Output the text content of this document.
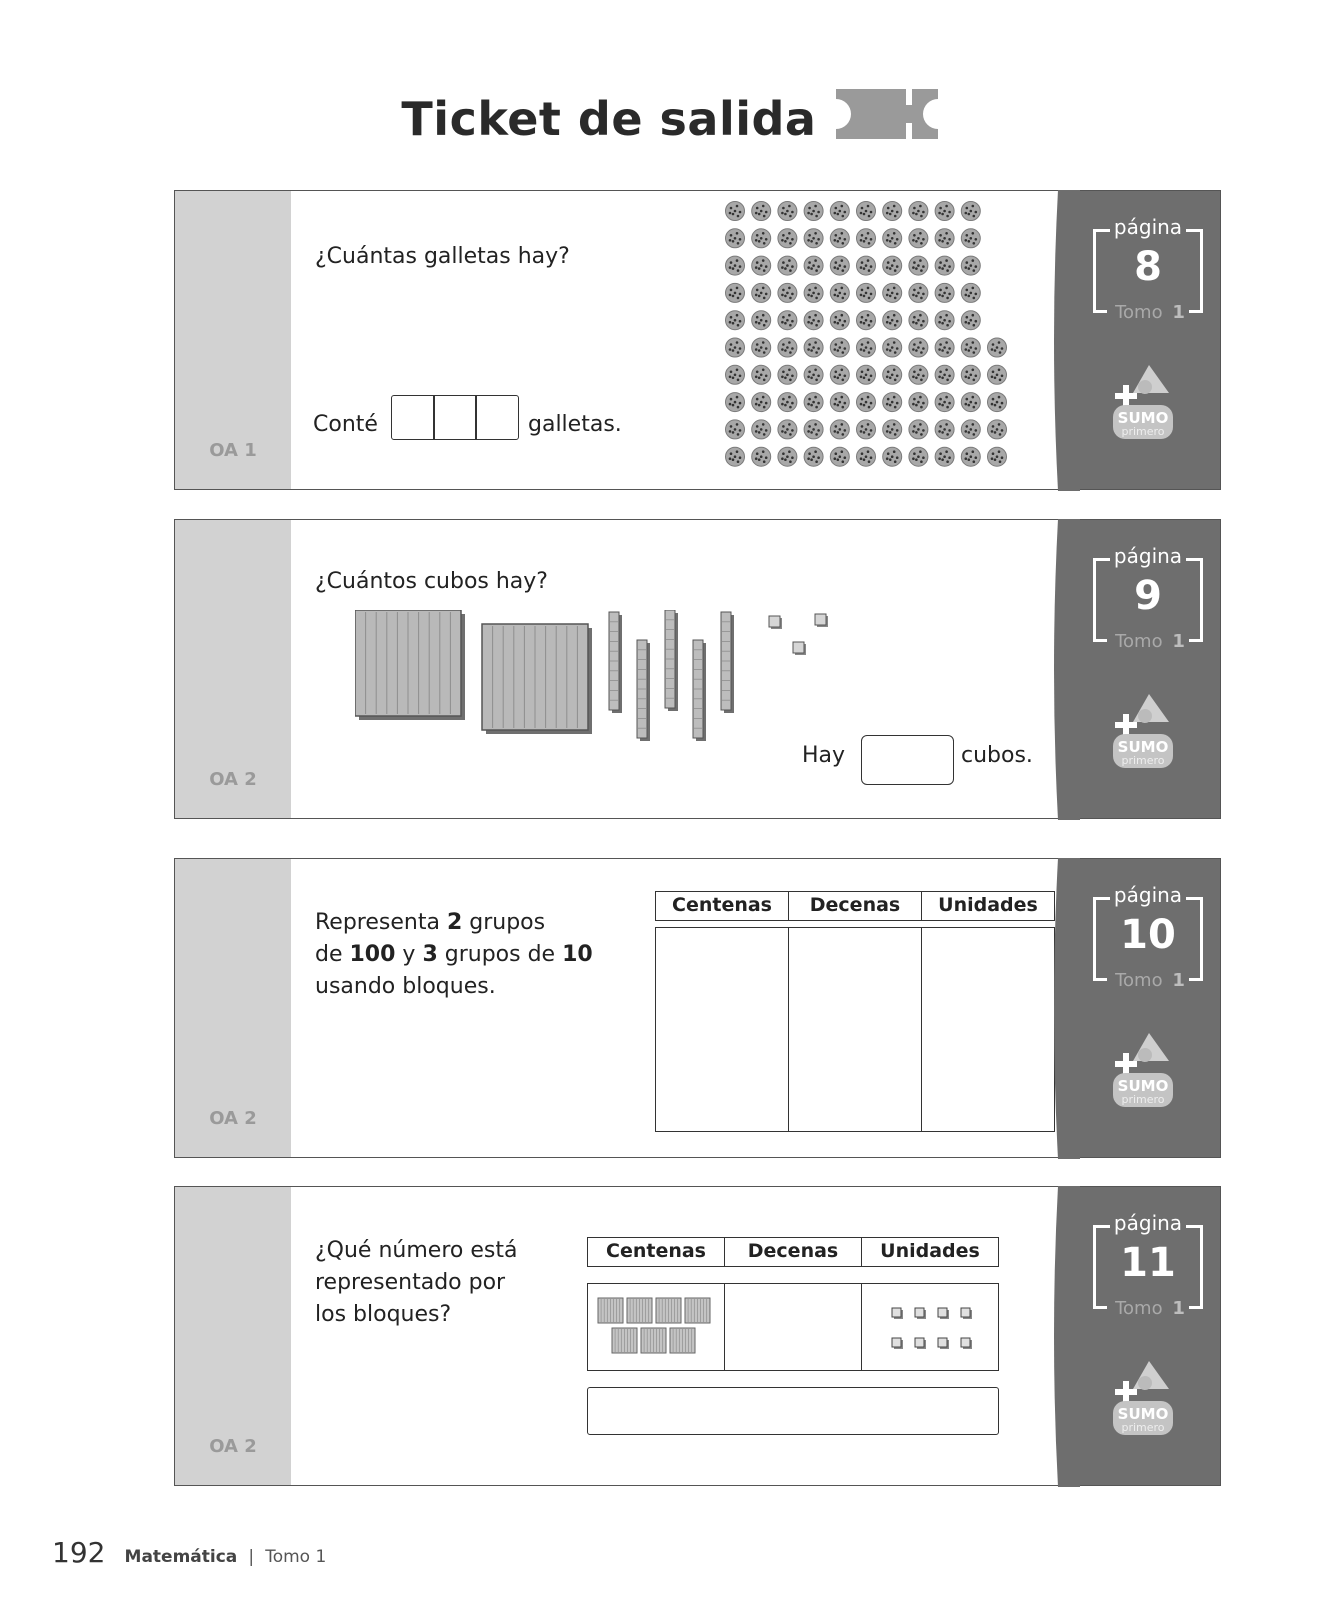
Ticket de salida
OA 1
¿Cuántas galletas hay?
Conté	galletas.
página
8
Tomo 1
SUMO
primero
OA 2
¿Cuántos cubos hay?
Hay	cubos.
página
9
Tomo 1
SUMO
primero
OA 2
Representa 2 grupos
de 100 y 3 grupos de 10
usando bloques.
Centenas	Decenas	Unidades	página
10
Tomo 1
SUMO
primero
OA 2
¿Qué número está
representado por
los bloques?
Centenas	Decenas	Unidades
página
11
Tomo 1
SUMO
primero
192 Matemática | Tomo 1
